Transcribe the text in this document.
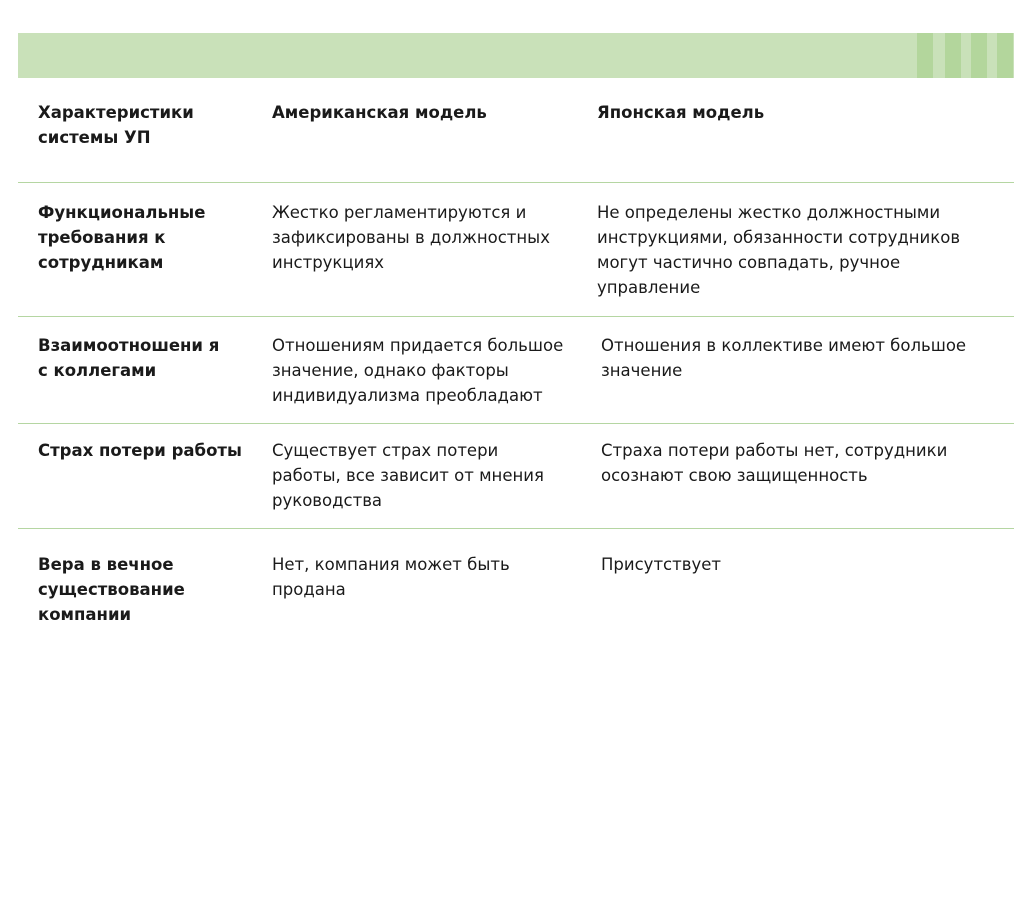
Характеристики системы УП
Американская модель	Японская модель
Функциональные требования к сотрудникам
Жестко регламентируются и зафиксированы в должностных инструкциях
Не определены жестко должностными инструкциями, обязанности сотрудников могут частично совпадать, ручное управление
Взаимоотношени я с коллегами
Отношениям придается большое значение, однако факторы индивидуализма преобладают
Отношения в коллективе имеют большое значение
Страх потери работы	Существует страх потери работы, все зависит от мнения руководства
Страха потери работы нет, сотрудники осознают свою защищенность
Вера в вечное существование компании
Нет, компания может быть продана
Присутствует
